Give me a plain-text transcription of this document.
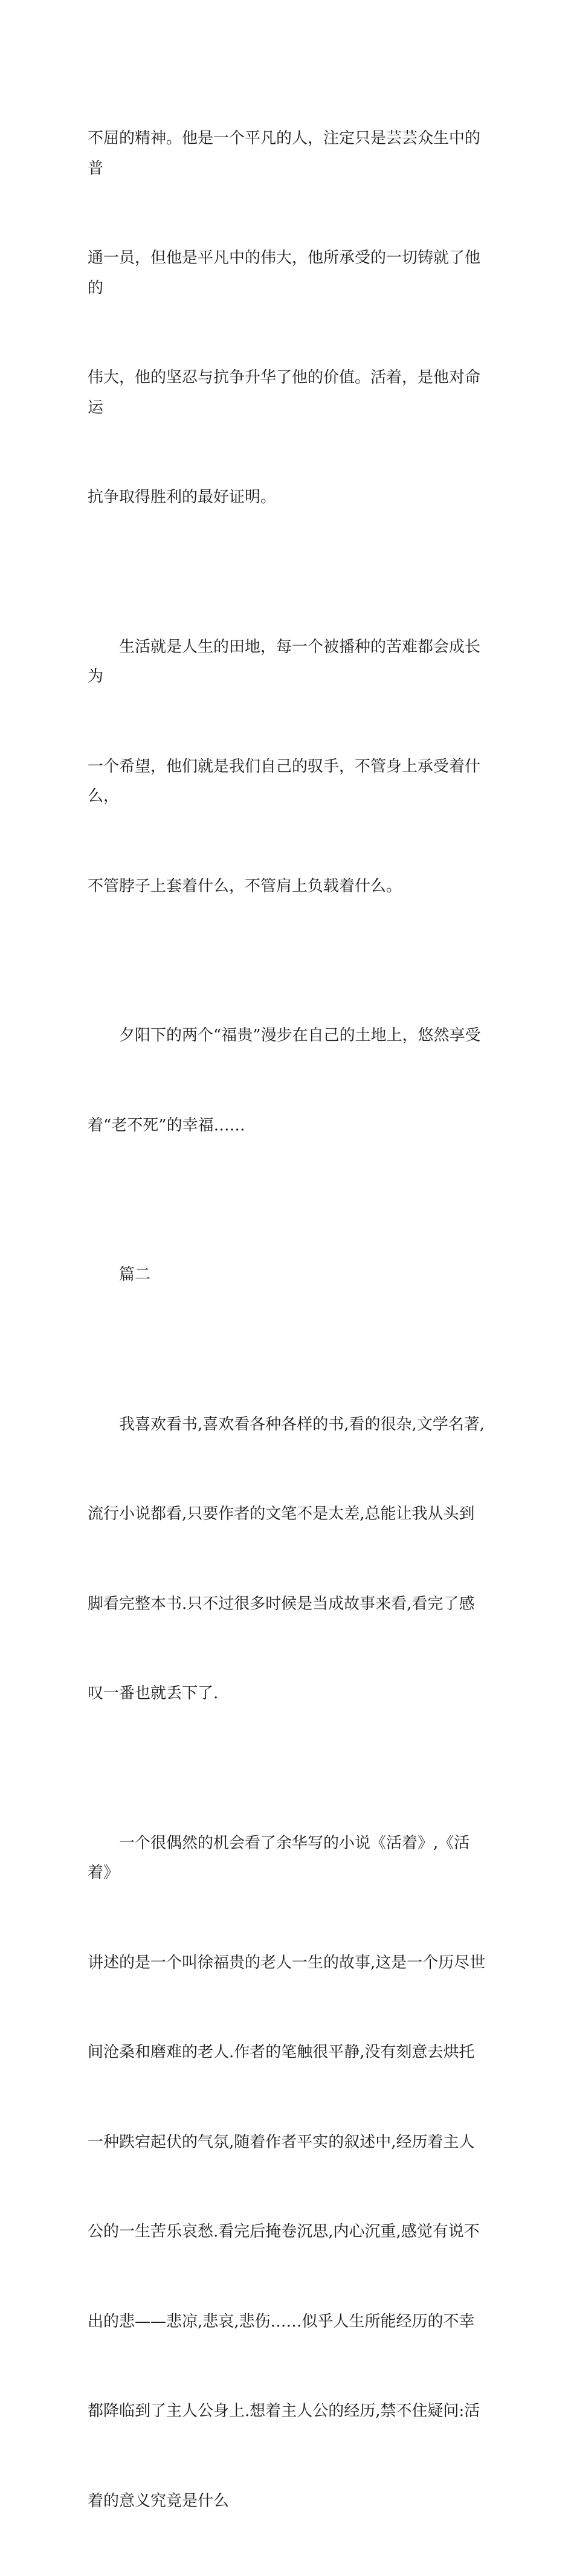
不屈的精神。他是一个平凡的人，注定只是芸芸众生中的普

通一员，但他是平凡中的伟大，他所承受的一切铸就了他的

伟大，他的坚忍与抗争升华了他的价值。活着，是他对命运

抗争取得胜利的最好证明。

　　生活就是人生的田地，每一个被播种的苦难都会成长为

一个希望，他们就是我们自己的驭手，不管身上承受着什么，

不管脖子上套着什么，不管肩上负载着什么。

　　夕阳下的两个“福贵”漫步在自己的土地上，悠然享受

着“老不死”的幸福……

　　篇二

　　我喜欢看书,喜欢看各种各样的书,看的很杂,文学名著,

流行小说都看,只要作者的文笔不是太差,总能让我从头到

脚看完整本书.只不过很多时候是当成故事来看,看完了感

叹一番也就丢下了.

　　一个很偶然的机会看了余华写的小说《活着》,《活着》

讲述的是一个叫徐福贵的老人一生的故事,这是一个历尽世

间沧桑和磨难的老人.作者的笔触很平静,没有刻意去烘托

一种跌宕起伏的气氛,随着作者平实的叙述中,经历着主人

公的一生苦乐哀愁.看完后掩卷沉思,内心沉重,感觉有说不

出的悲——悲凉,悲哀,悲伤……似乎人生所能经历的不幸

都降临到了主人公身上.想着主人公的经历,禁不住疑问:活

着的意义究竟是什么
